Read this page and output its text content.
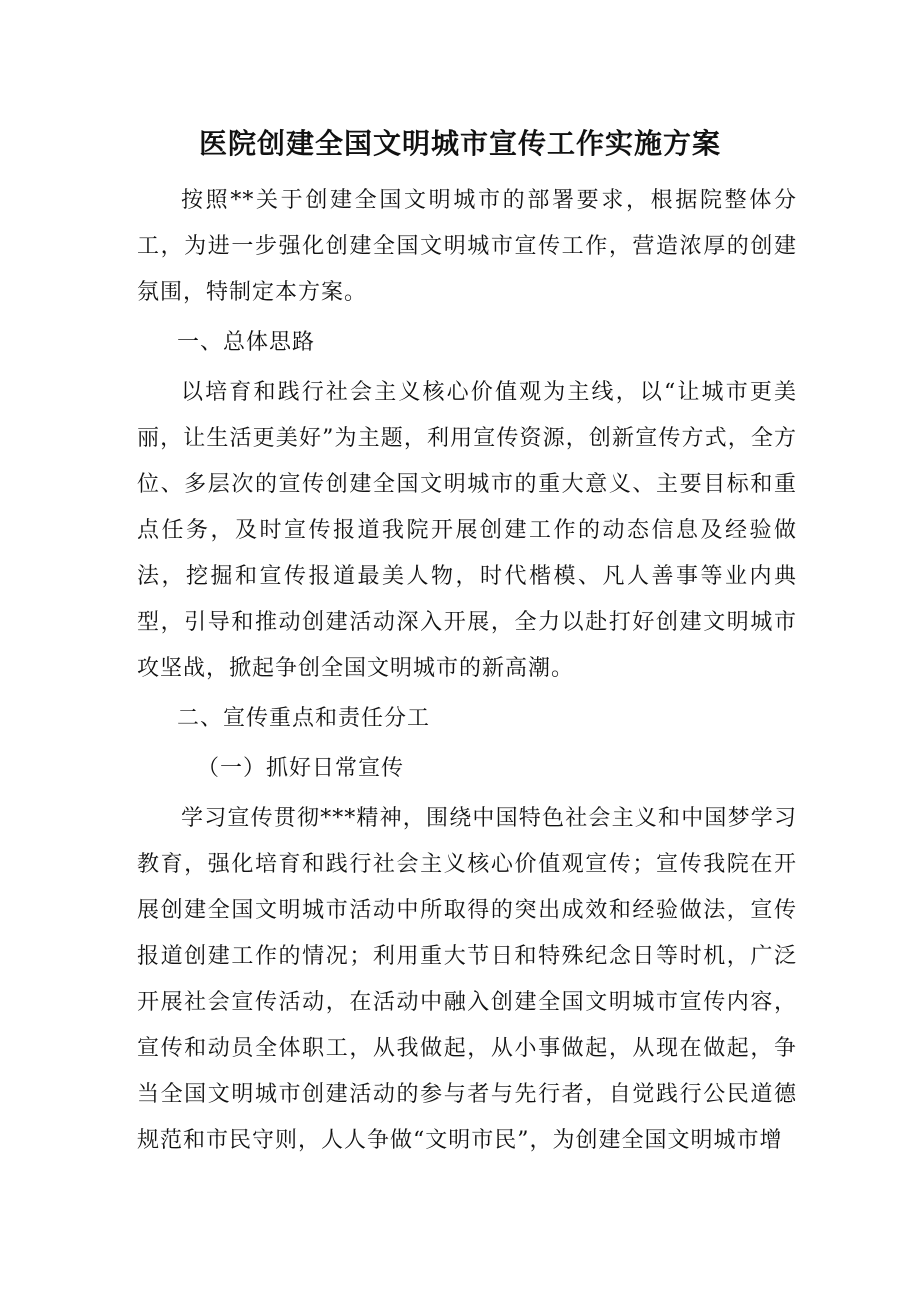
医院创建全国文明城市宣传工作实施方案

按照**关于创建全国文明城市的部署要求，根据院整体分工，为进一步强化创建全国文明城市宣传工作，营造浓厚的创建氛围，特制定本方案。

一、总体思路

以培育和践行社会主义核心价值观为主线，以“让城市更美丽，让生活更美好”为主题，利用宣传资源，创新宣传方式，全方位、多层次的宣传创建全国文明城市的重大意义、主要目标和重点任务，及时宣传报道我院开展创建工作的动态信息及经验做法，挖掘和宣传报道最美人物，时代楷模、凡人善事等业内典型，引导和推动创建活动深入开展，全力以赴打好创建文明城市攻坚战，掀起争创全国文明城市的新高潮。

二、宣传重点和责任分工

（一）抓好日常宣传

学习宣传贯彻***精神，围绕中国特色社会主义和中国梦学习教育，强化培育和践行社会主义核心价值观宣传；宣传我院在开展创建全国文明城市活动中所取得的突出成效和经验做法，宣传报道创建工作的情况；利用重大节日和特殊纪念日等时机，广泛开展社会宣传活动，在活动中融入创建全国文明城市宣传内容，宣传和动员全体职工，从我做起，从小事做起，从现在做起，争当全国文明城市创建活动的参与者与先行者，自觉践行公民道德规范和市民守则，人人争做“文明市民”，为创建全国文明城市增
